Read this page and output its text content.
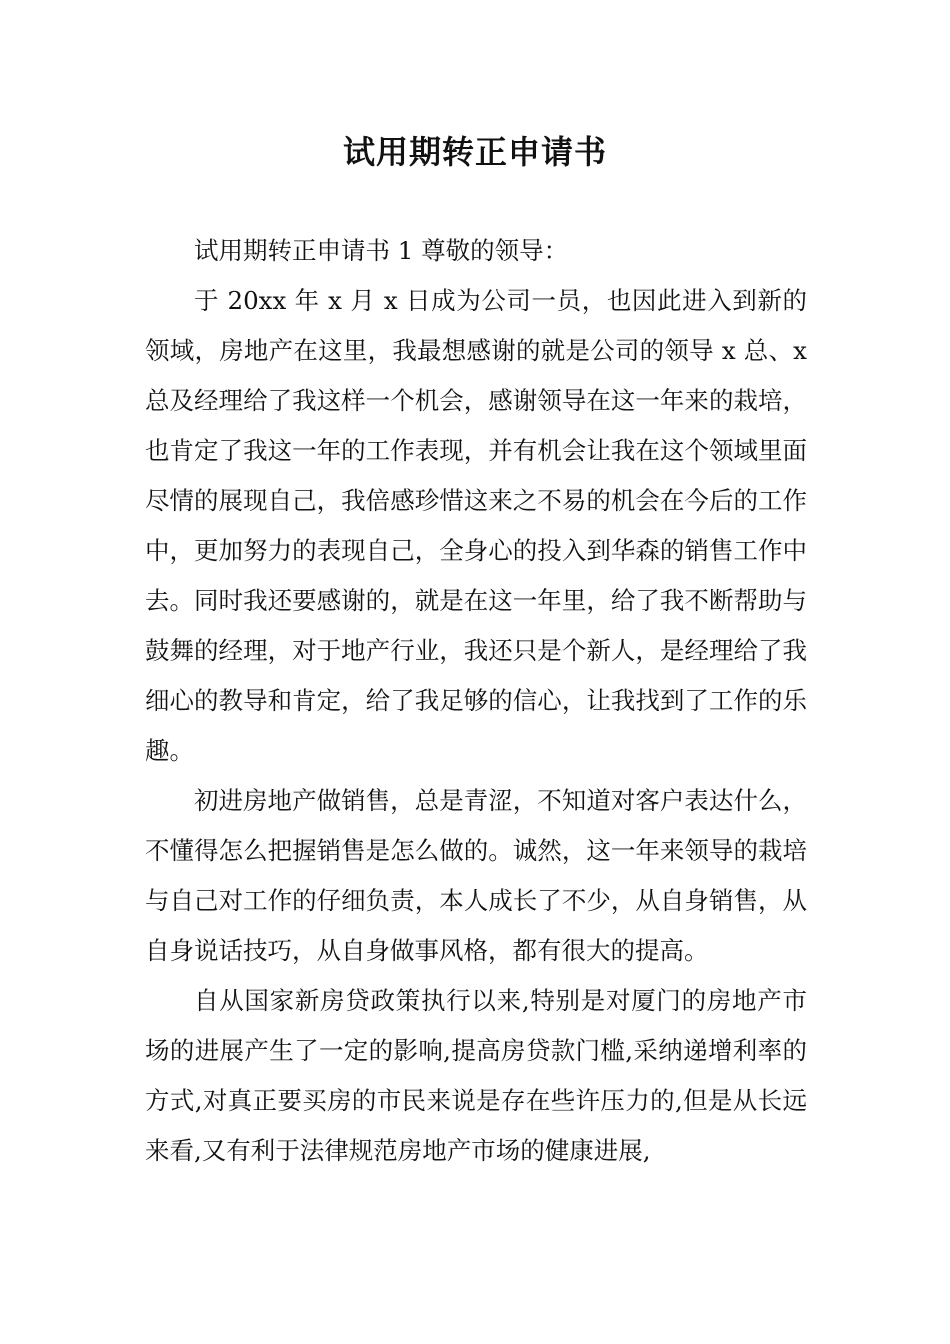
试用期转正申请书

试用期转正申请书 1 尊敬的领导：

于 20xx 年 x 月 x 日成为公司一员，也因此进入到新的领域，房地产在这里，我最想感谢的就是公司的领导 x 总、x 总及经理给了我这样一个机会，感谢领导在这一年来的栽培，也肯定了我这一年的工作表现，并有机会让我在这个领域里面尽情的展现自己，我倍感珍惜这来之不易的机会在今后的工作中，更加努力的表现自己，全身心的投入到华森的销售工作中去。同时我还要感谢的，就是在这一年里，给了我不断帮助与鼓舞的经理，对于地产行业，我还只是个新人，是经理给了我细心的教导和肯定，给了我足够的信心，让我找到了工作的乐趣。

初进房地产做销售，总是青涩，不知道对客户表达什么，不懂得怎么把握销售是怎么做的。诚然，这一年来领导的栽培与自己对工作的仔细负责，本人成长了不少，从自身销售，从自身说话技巧，从自身做事风格，都有很大的提高。

自从国家新房贷政策执行以来,特别是对厦门的房地产市场的进展产生了一定的影响,提高房贷款门槛,采纳递增利率的方式,对真正要买房的市民来说是存在些许压力的,但是从长远来看,又有利于法律规范房地产市场的健康进展,
